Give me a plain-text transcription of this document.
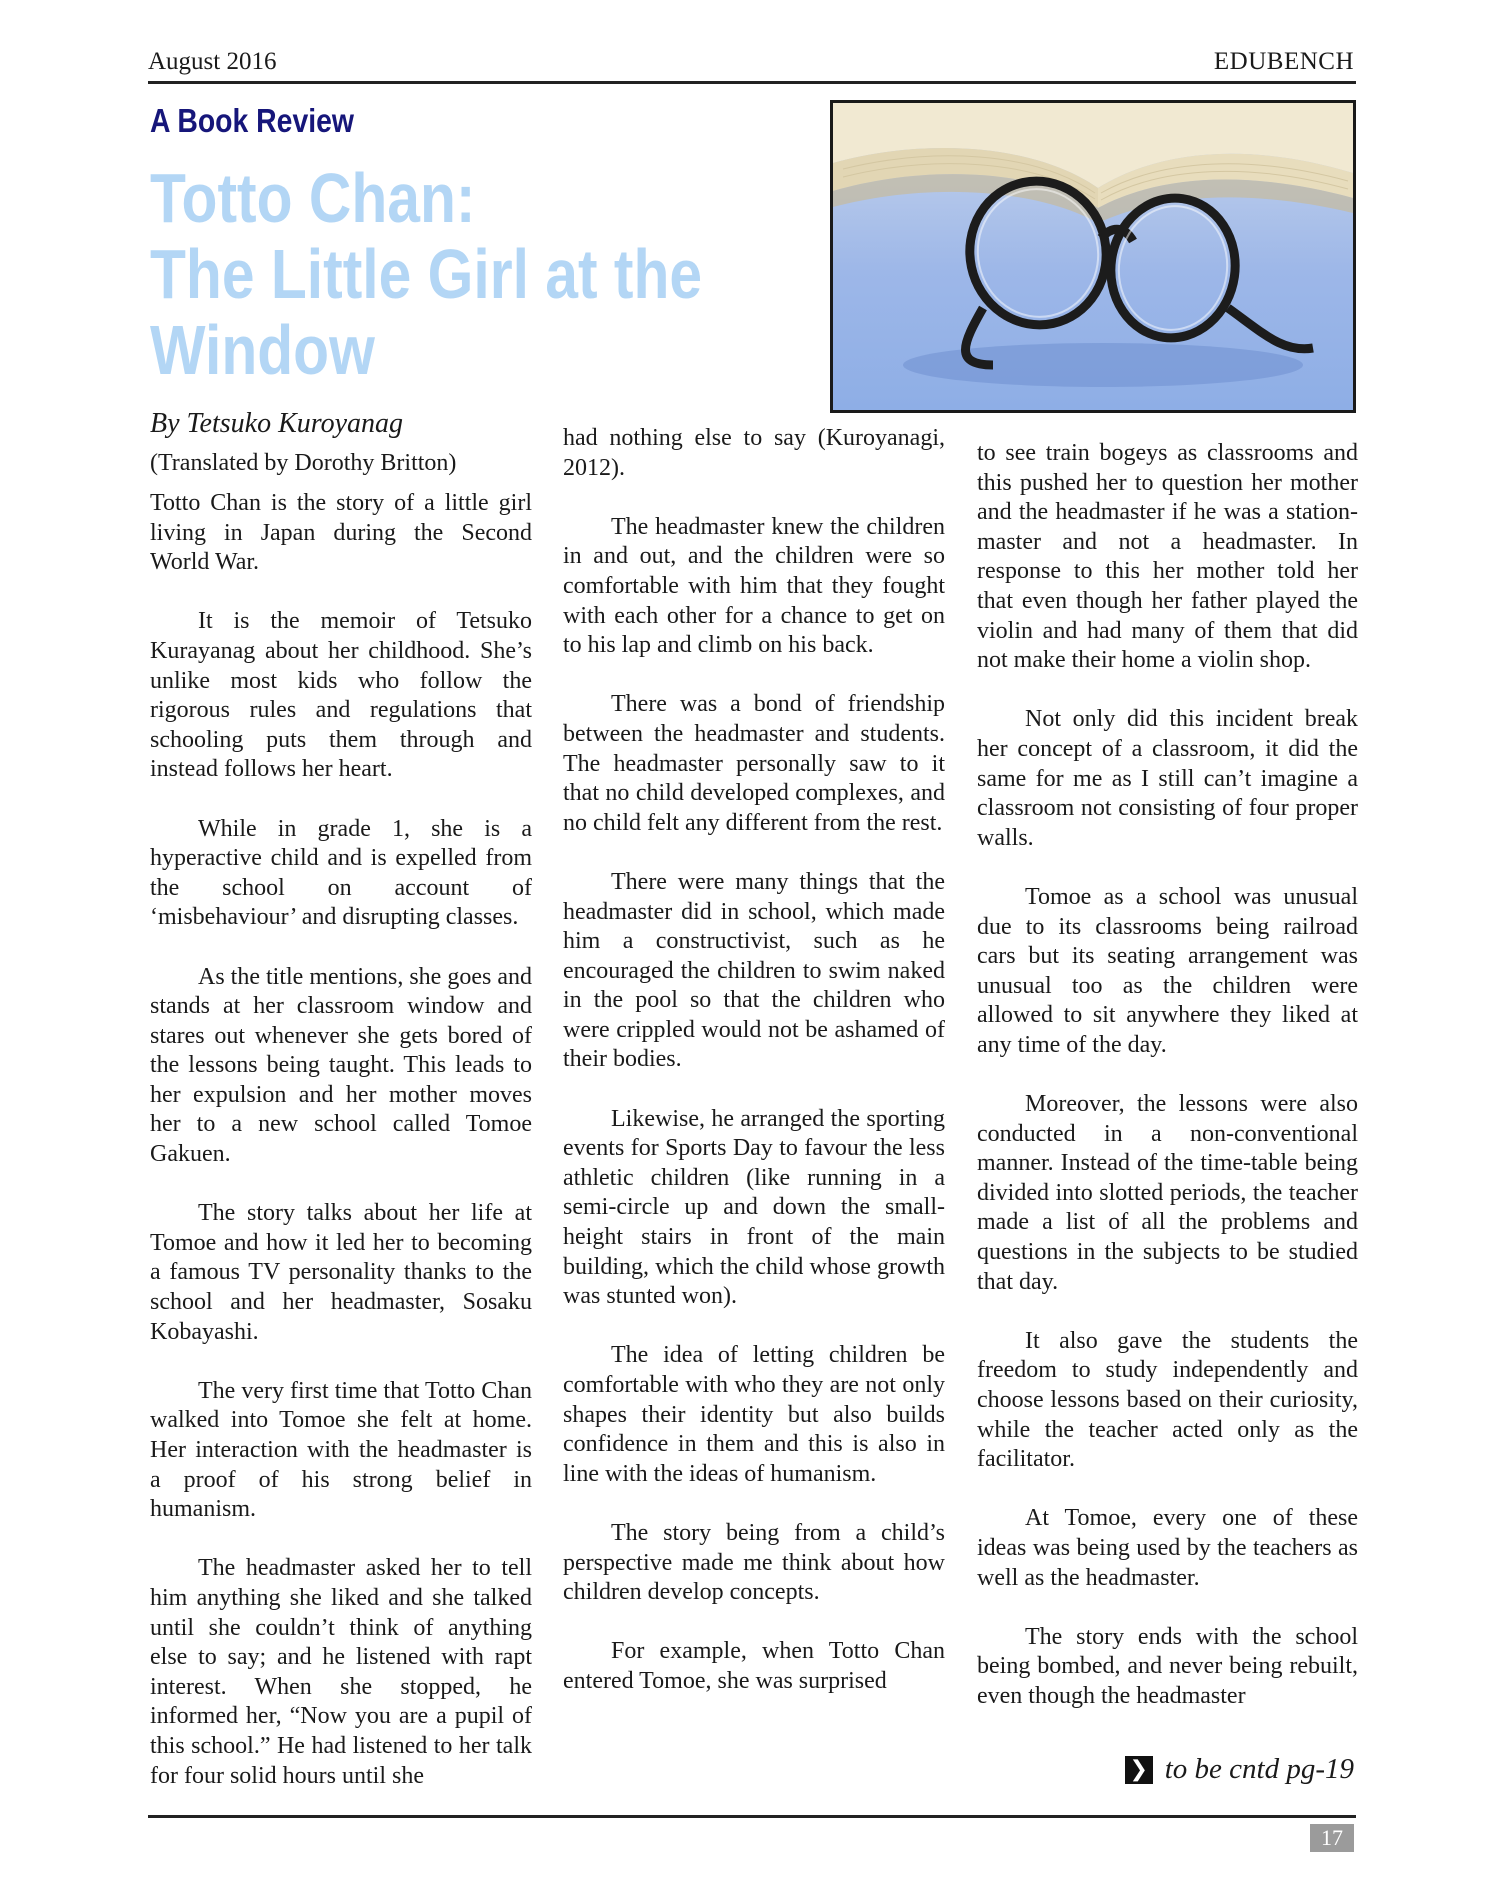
August 2016	EDUBENCH
A Book Review
Totto Chan:
The Little Girl at the
Window
By Tetsuko Kuroyanag
(Translated by Dorothy Britton)

Totto Chan is the story of a little girl living in Japan during the Second World War.

It is the memoir of Tetsuko Kurayanag about her childhood. She’s unlike most kids who follow the rigorous rules and regulations that schooling puts them through and instead follows her heart.

While in grade 1, she is a hyperactive child and is expelled from the school on account of ‘misbehaviour’ and disrupting classes.

As the title mentions, she goes and stands at her classroom window and stares out whenever she gets bored of the lessons being taught. This leads to her expulsion and her mother moves her to a new school called Tomoe Gakuen.

The story talks about her life at Tomoe and how it led her to becoming a famous TV personality thanks to the school and her headmaster, Sosaku Kobayashi.

The very first time that Totto Chan walked into Tomoe she felt at home. Her interaction with the headmaster is a proof of his strong belief in humanism.

The headmaster asked her to tell him anything she liked and she talked until she couldn’t think of anything else to say; and he listened with rapt interest. When she stopped, he informed her, “Now you are a pupil of this school.” He had listened to her talk for four solid hours until she

had nothing else to say (Kuroyanagi, 2012).

The headmaster knew the children in and out, and the children were so comfortable with him that they fought with each other for a chance to get on to his lap and climb on his back.

There was a bond of friendship between the headmaster and students. The headmaster personally saw to it that no child developed complexes, and no child felt any different from the rest.

There were many things that the headmaster did in school, which made him a constructivist, such as he encouraged the children to swim naked in the pool so that the children who were crippled would not be ashamed of their bodies.

Likewise, he arranged the sporting events for Sports Day to favour the less athletic children (like running in a semi-circle up and down the small-height stairs in front of the main building, which the child whose growth was stunted won).

The idea of letting children be comfortable with who they are not only shapes their identity but also builds confidence in them and this is also in line with the ideas of humanism.

The story being from a child’s perspective made me think about how children develop concepts.

For example, when Totto Chan entered Tomoe, she was surprised

to see train bogeys as classrooms and this pushed her to question her mother and the headmaster if he was a station-master and not a headmaster. In response to this her mother told her that even though her father played the violin and had many of them that did not make their home a violin shop.

Not only did this incident break her concept of a classroom, it did the same for me as I still can’t imagine a classroom not consisting of four proper walls.

Tomoe as a school was unusual due to its classrooms being railroad cars but its seating arrangement was unusual too as the children were allowed to sit anywhere they liked at any time of the day.

Moreover, the lessons were also conducted in a non-conventional manner. Instead of the time-table being divided into slotted periods, the teacher made a list of all the problems and questions in the subjects to be studied that day.

It also gave the students the freedom to study independently and choose lessons based on their curiosity, while the teacher acted only as the facilitator.

At Tomoe, every one of these ideas was being used by the teachers as well as the headmaster.

The story ends with the school being bombed, and never being rebuilt, even though the headmaster

❯ to be cntd pg-19
17
